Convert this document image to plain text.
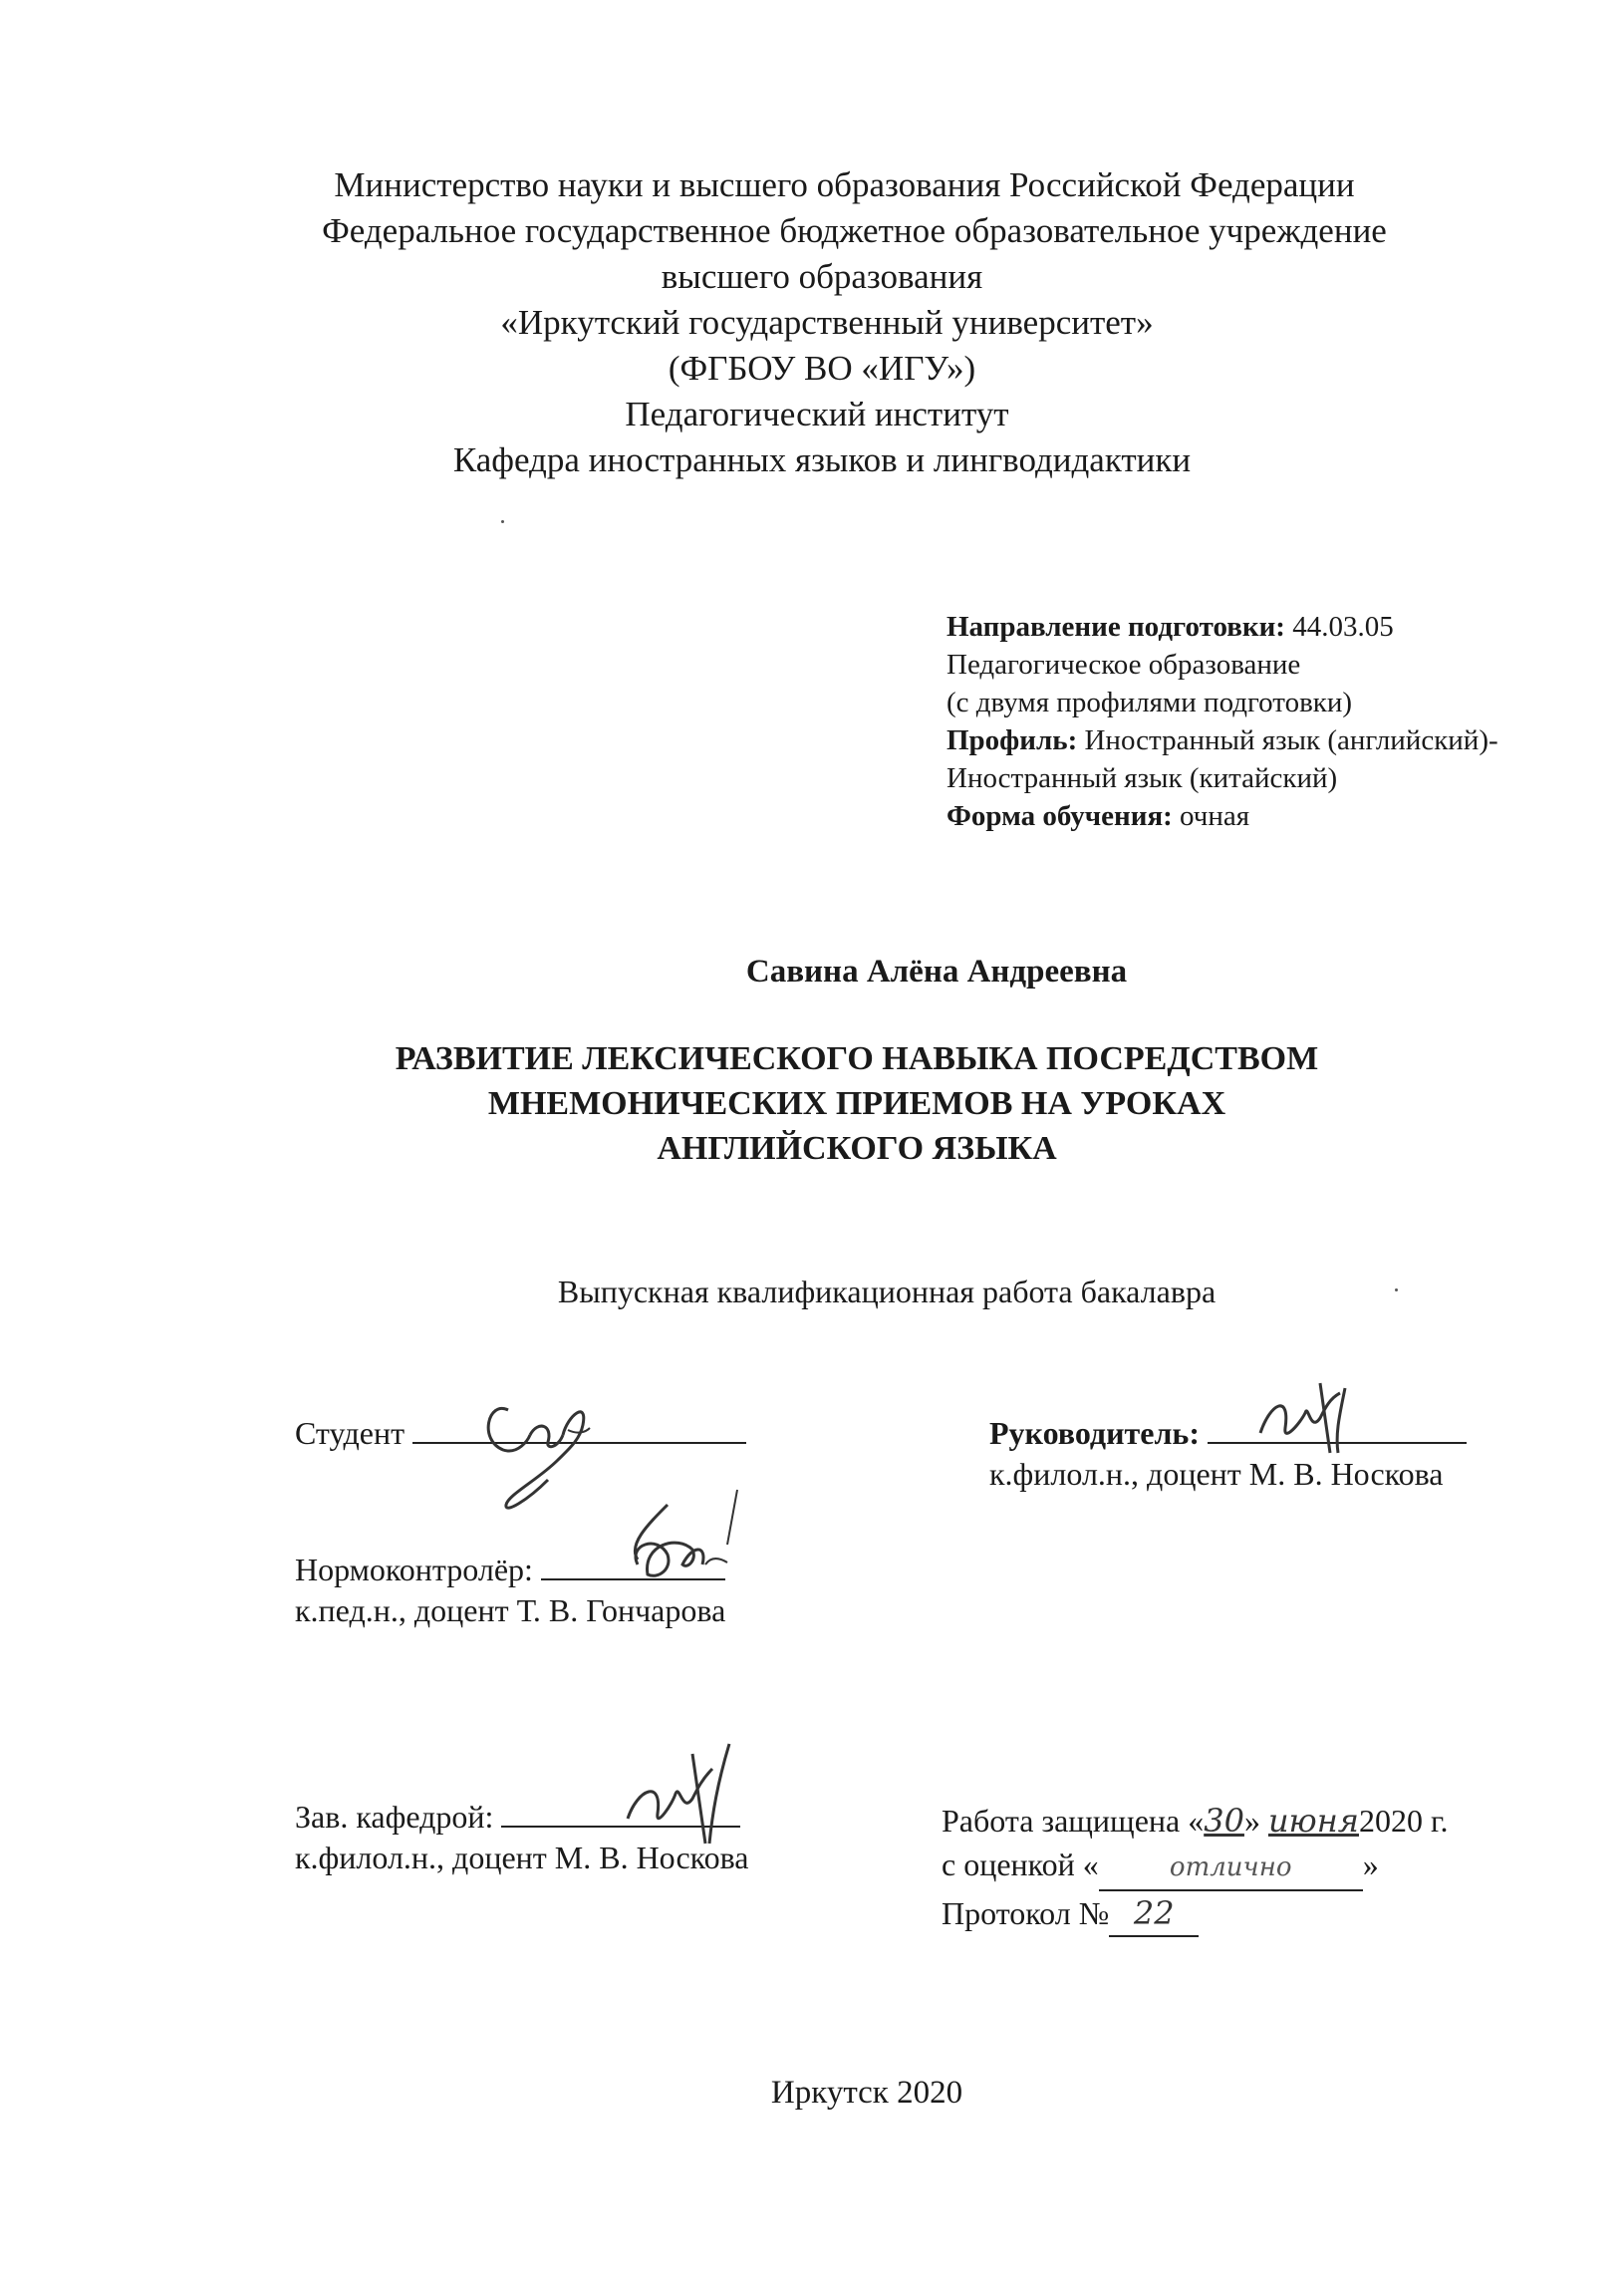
Министерство науки и высшего образования Российской Федерации
Федеральное государственное бюджетное образовательное учреждение
высшего образования
«Иркутский государственный университет»
(ФГБОУ ВО «ИГУ»)
Педагогический институт
Кафедра иностранных языков и лингводидактики
Направление подготовки: 44.03.05
Педагогическое образование
(с двумя профилями подготовки)
Профиль: Иностранный язык (английский)-
Иностранный язык (китайский)
Форма обучения: очная
Савина Алёна Андреевна
РАЗВИТИЕ ЛЕКСИЧЕСКОГО НАВЫКА ПОСРЕДСТВОМ
МНЕМОНИЧЕСКИХ ПРИЕМОВ НА УРОКАХ
АНГЛИЙСКОГО ЯЗЫКА
Выпускная квалификационная работа бакалавра
Студент	Руководитель:
к.филол.н., доцент М. В. Носкова
Нормоконтролёр:
к.пед.н., доцент Т. В. Гончарова
Зав. кафедрой:
к.филол.н., доцент М. В. Носкова
Работа защищена «30» июня2020 г.
с оценкой «	отлично »
Протокол № 22
Иркутск 2020
